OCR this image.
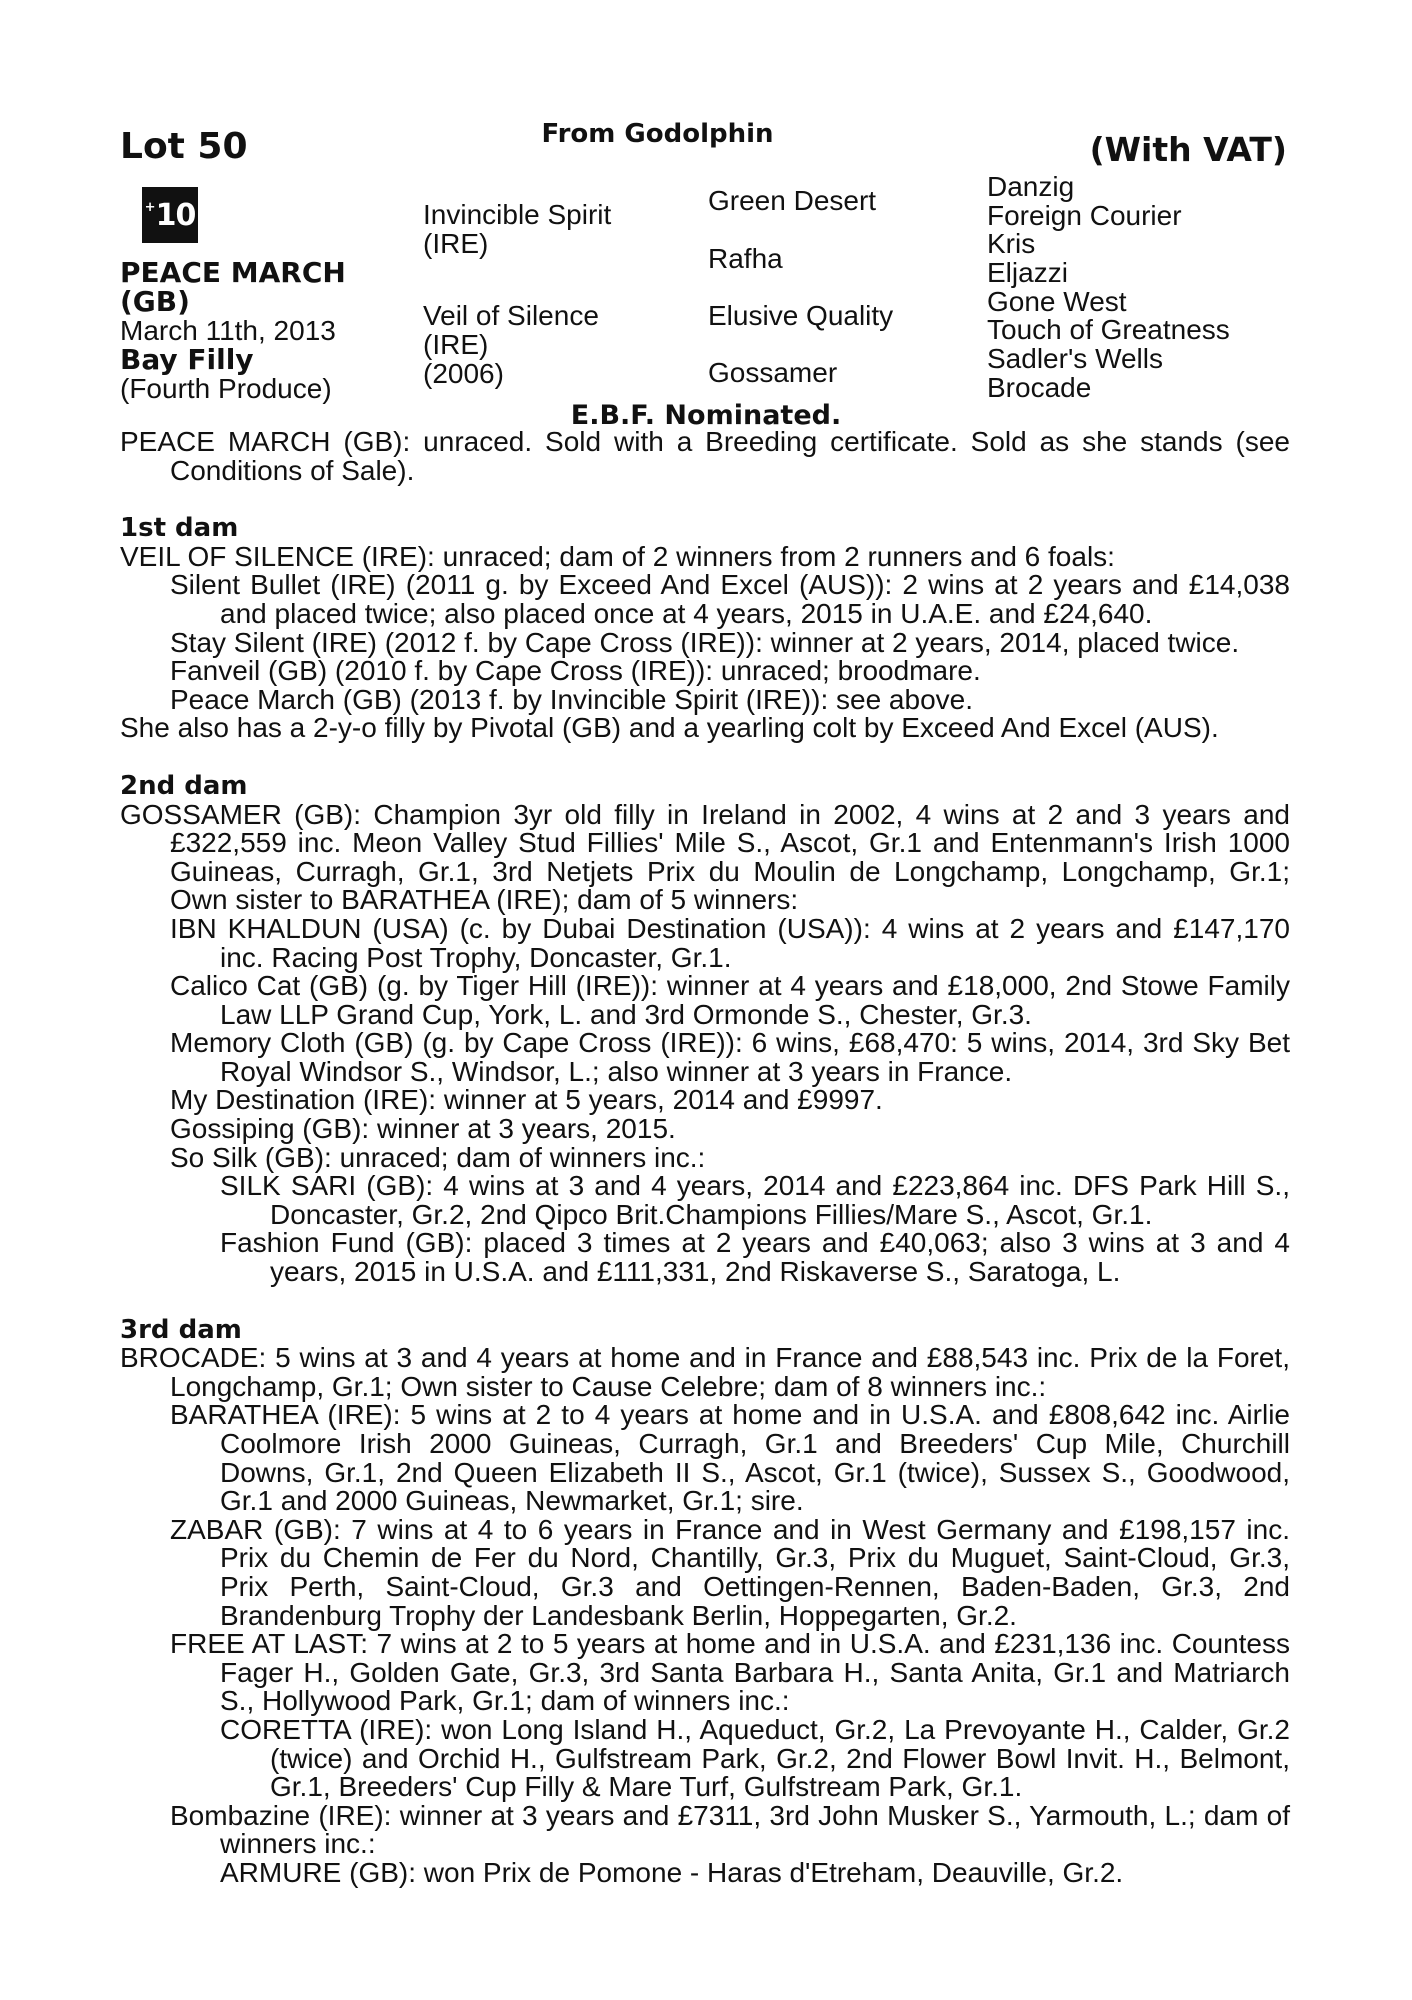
Lot 50	From Godolphin	(With VAT)
+ 10
PEACE MARCH
(GB)
March 11th, 2013
Bay Filly
(Fourth Produce)
Invincible Spirit
(IRE)
Veil of Silence
(IRE)
(2006)
Green Desert
Rafha
Elusive Quality
Gossamer
Danzig
Foreign Courier
Kris
Eljazzi
Gone West
Touch of Greatness
Sadler's Wells
Brocade
E.B.F. Nominated.
PEACE MARCH (GB): unraced. Sold with a Breeding certificate. Sold as she stands (see Conditions of Sale).
1st dam
VEIL OF SILENCE (IRE): unraced; dam of 2 winners from 2 runners and 6 foals:
Silent Bullet (IRE) (2011 g. by Exceed And Excel (AUS)): 2 wins at 2 years and £14,038 and placed twice; also placed once at 4 years, 2015 in U.A.E. and £24,640.
Stay Silent (IRE) (2012 f. by Cape Cross (IRE)): winner at 2 years, 2014, placed twice.
Fanveil (GB) (2010 f. by Cape Cross (IRE)): unraced; broodmare.
Peace March (GB) (2013 f. by Invincible Spirit (IRE)): see above.
She also has a 2-y-o filly by Pivotal (GB) and a yearling colt by Exceed And Excel (AUS).
2nd dam
GOSSAMER (GB): Champion 3yr old filly in Ireland in 2002, 4 wins at 2 and 3 years and £322,559 inc. Meon Valley Stud Fillies' Mile S., Ascot, Gr.1 and Entenmann's Irish 1000 Guineas, Curragh, Gr.1, 3rd Netjets Prix du Moulin de Longchamp, Longchamp, Gr.1; Own sister to BARATHEA (IRE); dam of 5 winners:
IBN KHALDUN (USA) (c. by Dubai Destination (USA)): 4 wins at 2 years and £147,170 inc. Racing Post Trophy, Doncaster, Gr.1.
Calico Cat (GB) (g. by Tiger Hill (IRE)): winner at 4 years and £18,000, 2nd Stowe Family Law LLP Grand Cup, York, L. and 3rd Ormonde S., Chester, Gr.3.
Memory Cloth (GB) (g. by Cape Cross (IRE)): 6 wins, £68,470: 5 wins, 2014, 3rd Sky Bet Royal Windsor S., Windsor, L.; also winner at 3 years in France.
My Destination (IRE): winner at 5 years, 2014 and £9997.
Gossiping (GB): winner at 3 years, 2015.
So Silk (GB): unraced; dam of winners inc.:
SILK SARI (GB): 4 wins at 3 and 4 years, 2014 and £223,864 inc. DFS Park Hill S., Doncaster, Gr.2, 2nd Qipco Brit.Champions Fillies/Mare S., Ascot, Gr.1.
Fashion Fund (GB): placed 3 times at 2 years and £40,063; also 3 wins at 3 and 4 years, 2015 in U.S.A. and £111,331, 2nd Riskaverse S., Saratoga, L.
3rd dam
BROCADE: 5 wins at 3 and 4 years at home and in France and £88,543 inc. Prix de la Foret, Longchamp, Gr.1; Own sister to Cause Celebre; dam of 8 winners inc.:
BARATHEA (IRE): 5 wins at 2 to 4 years at home and in U.S.A. and £808,642 inc. Airlie Coolmore Irish 2000 Guineas, Curragh, Gr.1 and Breeders' Cup Mile, Churchill Downs, Gr.1, 2nd Queen Elizabeth II S., Ascot, Gr.1 (twice), Sussex S., Goodwood, Gr.1 and 2000 Guineas, Newmarket, Gr.1; sire.
ZABAR (GB): 7 wins at 4 to 6 years in France and in West Germany and £198,157 inc. Prix du Chemin de Fer du Nord, Chantilly, Gr.3, Prix du Muguet, Saint-Cloud, Gr.3, Prix Perth, Saint-Cloud, Gr.3 and Oettingen-Rennen, Baden-Baden, Gr.3, 2nd Brandenburg Trophy der Landesbank Berlin, Hoppegarten, Gr.2.
FREE AT LAST: 7 wins at 2 to 5 years at home and in U.S.A. and £231,136 inc. Countess Fager H., Golden Gate, Gr.3, 3rd Santa Barbara H., Santa Anita, Gr.1 and Matriarch S., Hollywood Park, Gr.1; dam of winners inc.:
CORETTA (IRE): won Long Island H., Aqueduct, Gr.2, La Prevoyante H., Calder, Gr.2 (twice) and Orchid H., Gulfstream Park, Gr.2, 2nd Flower Bowl Invit. H., Belmont, Gr.1, Breeders' Cup Filly & Mare Turf, Gulfstream Park, Gr.1.
Bombazine (IRE): winner at 3 years and £7311, 3rd John Musker S., Yarmouth, L.; dam of winners inc.:
ARMURE (GB): won Prix de Pomone - Haras d'Etreham, Deauville, Gr.2.
